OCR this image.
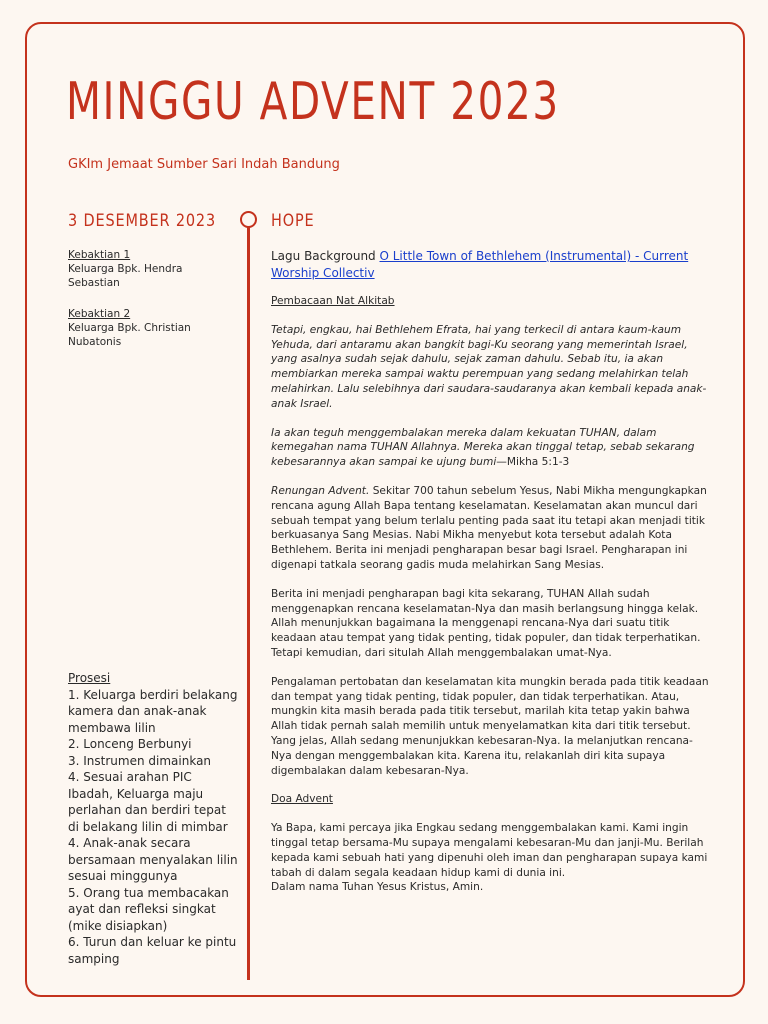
MINGGU ADVENT 2023
GKIm Jemaat Sumber Sari Indah Bandung
3 DESEMBER 2023	HOPE
Kebaktian 1
Keluarga Bpk. Hendra Sebastian
Kebaktian 2
Keluarga Bpk. Christian Nubatonis
Prosesi
1. Keluarga berdiri belakang kamera dan anak-anak membawa lilin
2. Lonceng Berbunyi
3. Instrumen dimainkan
4. Sesuai arahan PIC Ibadah, Keluarga maju perlahan dan berdiri tepat di belakang lilin di mimbar
4. Anak-anak secara bersamaan menyalakan lilin sesuai minggunya
5. Orang tua membacakan ayat dan refleksi singkat (mike disiapkan)
6. Turun dan keluar ke pintu samping
Lagu Background O Little Town of Bethlehem (Instrumental) - Current Worship Collectiv
Pembacaan Nat Alkitab

Tetapi, engkau, hai Bethlehem Efrata, hai yang terkecil di antara kaum-kaum Yehuda, dari antaramu akan bangkit bagi-Ku seorang yang memerintah Israel, yang asalnya sudah sejak dahulu, sejak zaman dahulu. Sebab itu, ia akan membiarkan mereka sampai waktu perempuan yang sedang melahirkan telah melahirkan. Lalu selebihnya dari saudara-saudaranya akan kembali kepada anak-anak Israel.

Ia akan teguh menggembalakan mereka dalam kekuatan TUHAN, dalam kemegahan nama TUHAN Allahnya. Mereka akan tinggal tetap, sebab sekarang kebesarannya akan sampai ke ujung bumi—Mikha 5:1-3

Renungan Advent. Sekitar 700 tahun sebelum Yesus, Nabi Mikha mengungkapkan rencana agung Allah Bapa tentang keselamatan. Keselamatan akan muncul dari sebuah tempat yang belum terlalu penting pada saat itu tetapi akan menjadi titik berkuasanya Sang Mesias. Nabi Mikha menyebut kota tersebut adalah Kota Bethlehem. Berita ini menjadi pengharapan besar bagi Israel. Pengharapan ini digenapi tatkala seorang gadis muda melahirkan Sang Mesias.

Berita ini menjadi pengharapan bagi kita sekarang, TUHAN Allah sudah menggenapkan rencana keselamatan-Nya dan masih berlangsung hingga kelak. Allah menunjukkan bagaimana Ia menggenapi rencana-Nya dari suatu titik keadaan atau tempat yang tidak penting, tidak populer, dan tidak terperhatikan. Tetapi kemudian, dari situlah Allah menggembalakan umat-Nya.

Pengalaman pertobatan dan keselamatan kita mungkin berada pada titik keadaan dan tempat yang tidak penting, tidak populer, dan tidak terperhatikan. Atau, mungkin kita masih berada pada titik tersebut, marilah kita tetap yakin bahwa Allah tidak pernah salah memilih untuk menyelamatkan kita dari titik tersebut. Yang jelas, Allah sedang menunjukkan kebesaran-Nya. Ia melanjutkan rencana-Nya dengan menggembalakan kita. Karena itu, relakanlah diri kita supaya digembalakan dalam kebesaran-Nya.

Doa Advent
Ya Bapa, kami percaya jika Engkau sedang menggembalakan kami. Kami ingin tinggal tetap bersama-Mu supaya mengalami kebesaran-Mu dan janji-Mu. Berilah kepada kami sebuah hati yang dipenuhi oleh iman dan pengharapan supaya kami tabah di dalam segala keadaan hidup kami di dunia ini.
Dalam nama Tuhan Yesus Kristus, Amin.
